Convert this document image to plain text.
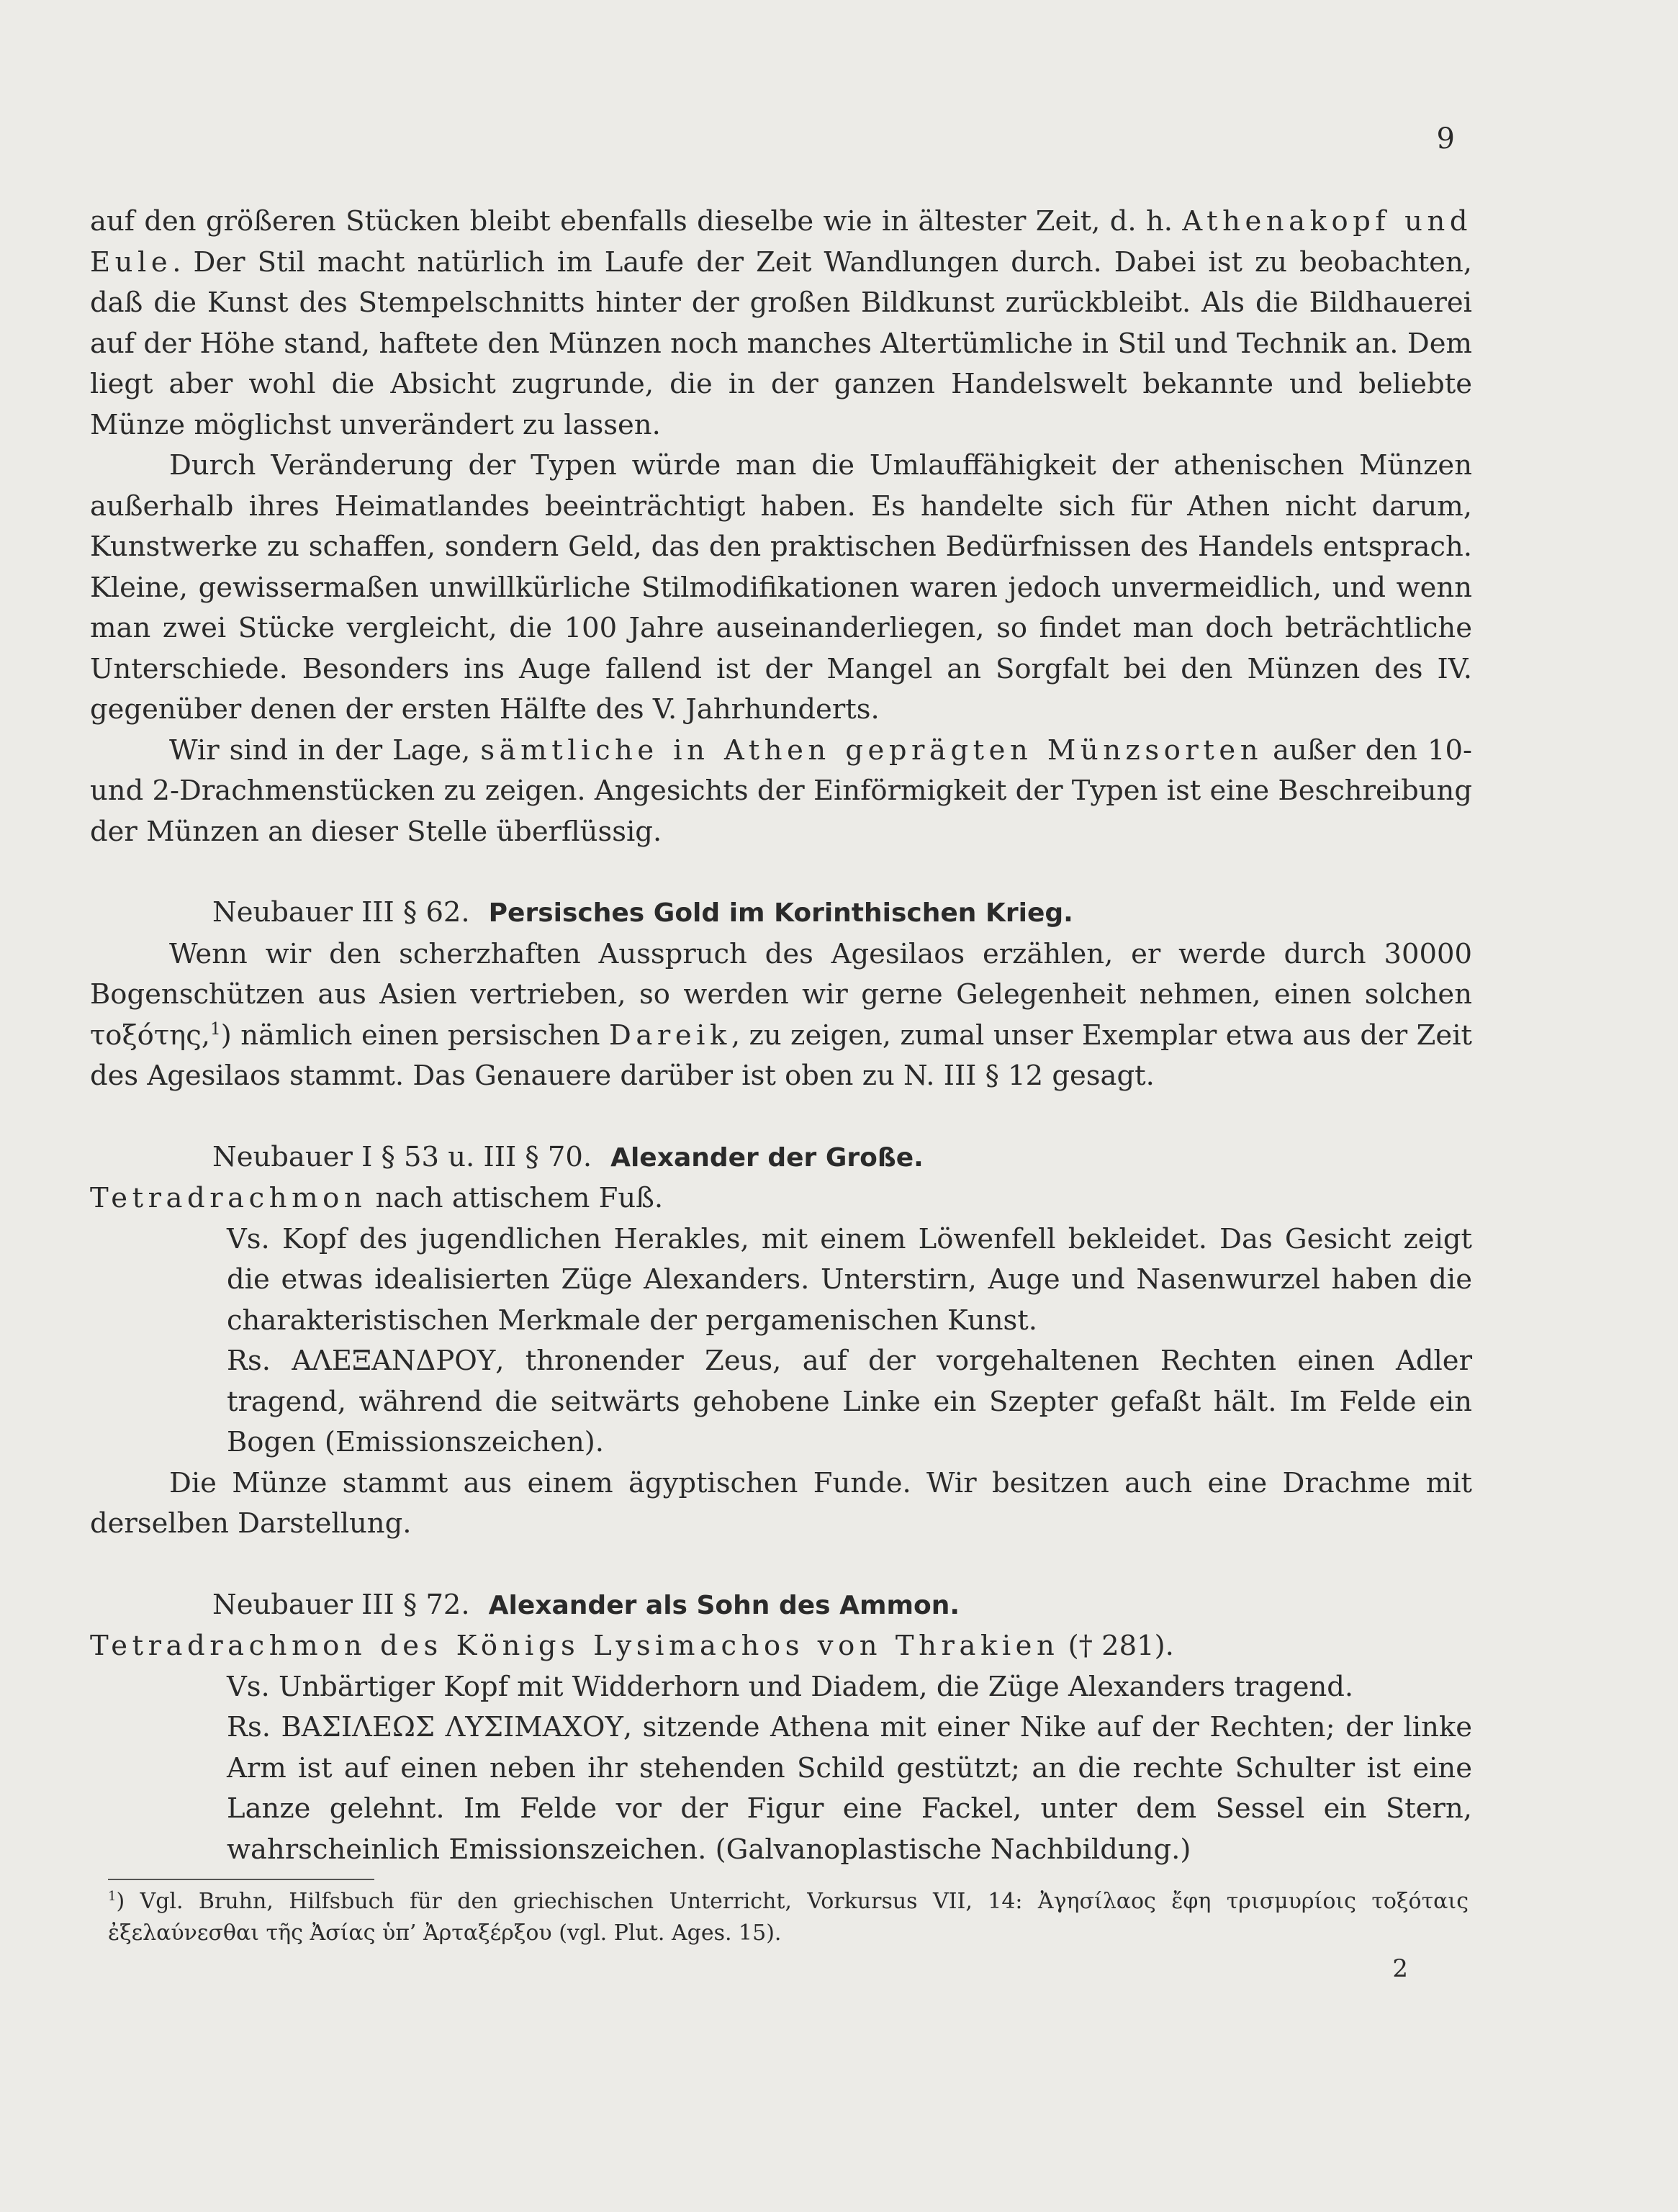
9

auf den größeren Stücken bleibt ebenfalls dieselbe wie in ältester Zeit, d. h. Athenakopf und Eule. Der Stil macht natürlich im Laufe der Zeit Wandlungen durch. Dabei ist zu beobachten, daß die Kunst des Stempelschnitts hinter der großen Bildkunst zurückbleibt. Als die Bildhauerei auf der Höhe stand, haftete den Münzen noch manches Altertümliche in Stil und Technik an. Dem liegt aber wohl die Absicht zugrunde, die in der ganzen Handelswelt bekannte und beliebte Münze möglichst unverändert zu lassen.

Durch Veränderung der Typen würde man die Umlauffähigkeit der athenischen Münzen außerhalb ihres Heimatlandes beeinträchtigt haben. Es handelte sich für Athen nicht darum, Kunstwerke zu schaffen, sondern Geld, das den praktischen Bedürfnissen des Handels entsprach. Kleine, gewissermaßen unwillkürliche Stilmodifikationen waren jedoch unvermeidlich, und wenn man zwei Stücke vergleicht, die 100 Jahre auseinanderliegen, so findet man doch beträchtliche Unterschiede. Besonders ins Auge fallend ist der Mangel an Sorgfalt bei den Münzen des IV. gegenüber denen der ersten Hälfte des V. Jahrhunderts.

Wir sind in der Lage, sämtliche in Athen geprägten Münzsorten außer den 10- und 2-Drachmenstücken zu zeigen. Angesichts der Einförmigkeit der Typen ist eine Beschreibung der Münzen an dieser Stelle überflüssig.

Neubauer III § 62. Persisches Gold im Korinthischen Krieg.

Wenn wir den scherzhaften Ausspruch des Agesilaos erzählen, er werde durch 30000 Bogenschützen aus Asien vertrieben, so werden wir gerne Gelegenheit nehmen, einen solchen τοξότης,$^1$) nämlich einen persischen Dareik, zu zeigen, zumal unser Exemplar etwa aus der Zeit des Agesilaos stammt. Das Genauere darüber ist oben zu N. III § 12 gesagt.

Neubauer I § 53 u. III § 70. Alexander der Große.

Tetradrachmon nach attischem Fuß.

Vs. Kopf des jugendlichen Herakles, mit einem Löwenfell bekleidet. Das Gesicht zeigt die etwas idealisierten Züge Alexanders. Unterstirn, Auge und Nasenwurzel haben die charakteristischen Merkmale der pergamenischen Kunst.

Rs. ΑΛΕΞΑΝΔΡΟΥ, thronender Zeus, auf der vorgehaltenen Rechten einen Adler tragend, während die seitwärts gehobene Linke ein Szepter gefaßt hält. Im Felde ein Bogen (Emissionszeichen).

Die Münze stammt aus einem ägyptischen Funde. Wir besitzen auch eine Drachme mit derselben Darstellung.

Neubauer III § 72. Alexander als Sohn des Ammon.

Tetradrachmon des Königs Lysimachos von Thrakien († 281).

Vs. Unbärtiger Kopf mit Widderhorn und Diadem, die Züge Alexanders tragend.

Rs. ΒΑΣΙΛΕΩΣ ΛΥΣΙΜΑΧΟΥ, sitzende Athena mit einer Nike auf der Rechten; der linke Arm ist auf einen neben ihr stehenden Schild gestützt; an die rechte Schulter ist eine Lanze gelehnt. Im Felde vor der Figur eine Fackel, unter dem Sessel ein Stern, wahrscheinlich Emissionszeichen. (Galvanoplastische Nachbildung.)

$^1$) Vgl. Bruhn, Hilfsbuch für den griechischen Unterricht, Vorkursus VII, 14: Ἀγησίλαος ἔφη τρισμυρίοις τοξόταις ἐξελαύνεσθαι τῆς Ἀσίας ὑπ’ Ἀρταξέρξου (vgl. Plut. Ages. 15).

2
